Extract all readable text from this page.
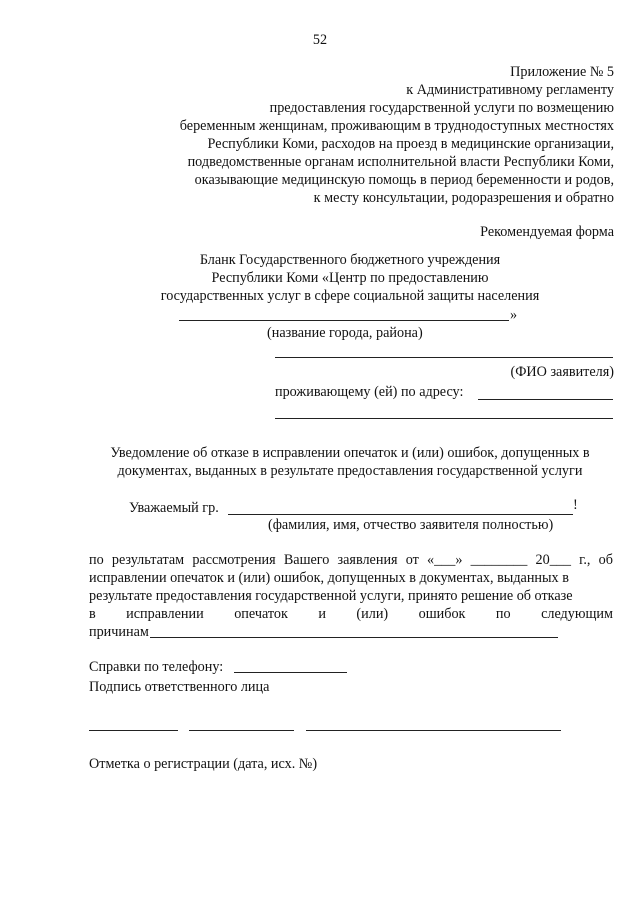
52
Приложение № 5
к Административному регламенту
предоставления государственной услуги по возмещению
беременным женщинам, проживающим в труднодоступных местностях
Республики Коми, расходов на проезд в медицинские организации,
подведомственные органам исполнительной власти Республики Коми,
оказывающие медицинскую помощь в период беременности и родов,
к месту консультации, родоразрешения и обратно
Рекомендуемая форма
Бланк Государственного бюджетного учреждения
Республики Коми «Центр по предоставлению
государственных услуг в сфере социальной защиты населения
»
(название города, района)
(ФИО заявителя)
проживающему (ей) по адресу:
Уведомление об отказе в исправлении опечаток и (или) ошибок, допущенных в
документах, выданных в результате предоставления государственной услуги
Уважаемый гр.	!
(фамилия, имя, отчество заявителя полностью)
по результатам рассмотрения Вашего заявления от «___» ________ 20___ г., об
исправлении опечаток и (или) ошибок, допущенных в документах, выданных в
результате предоставления государственной услуги, принято решение об отказе
в исправлении опечаток и (или) ошибок по следующим
причинам
Справки по телефону:
Подпись ответственного лица
Отметка о регистрации (дата, исх. №)
